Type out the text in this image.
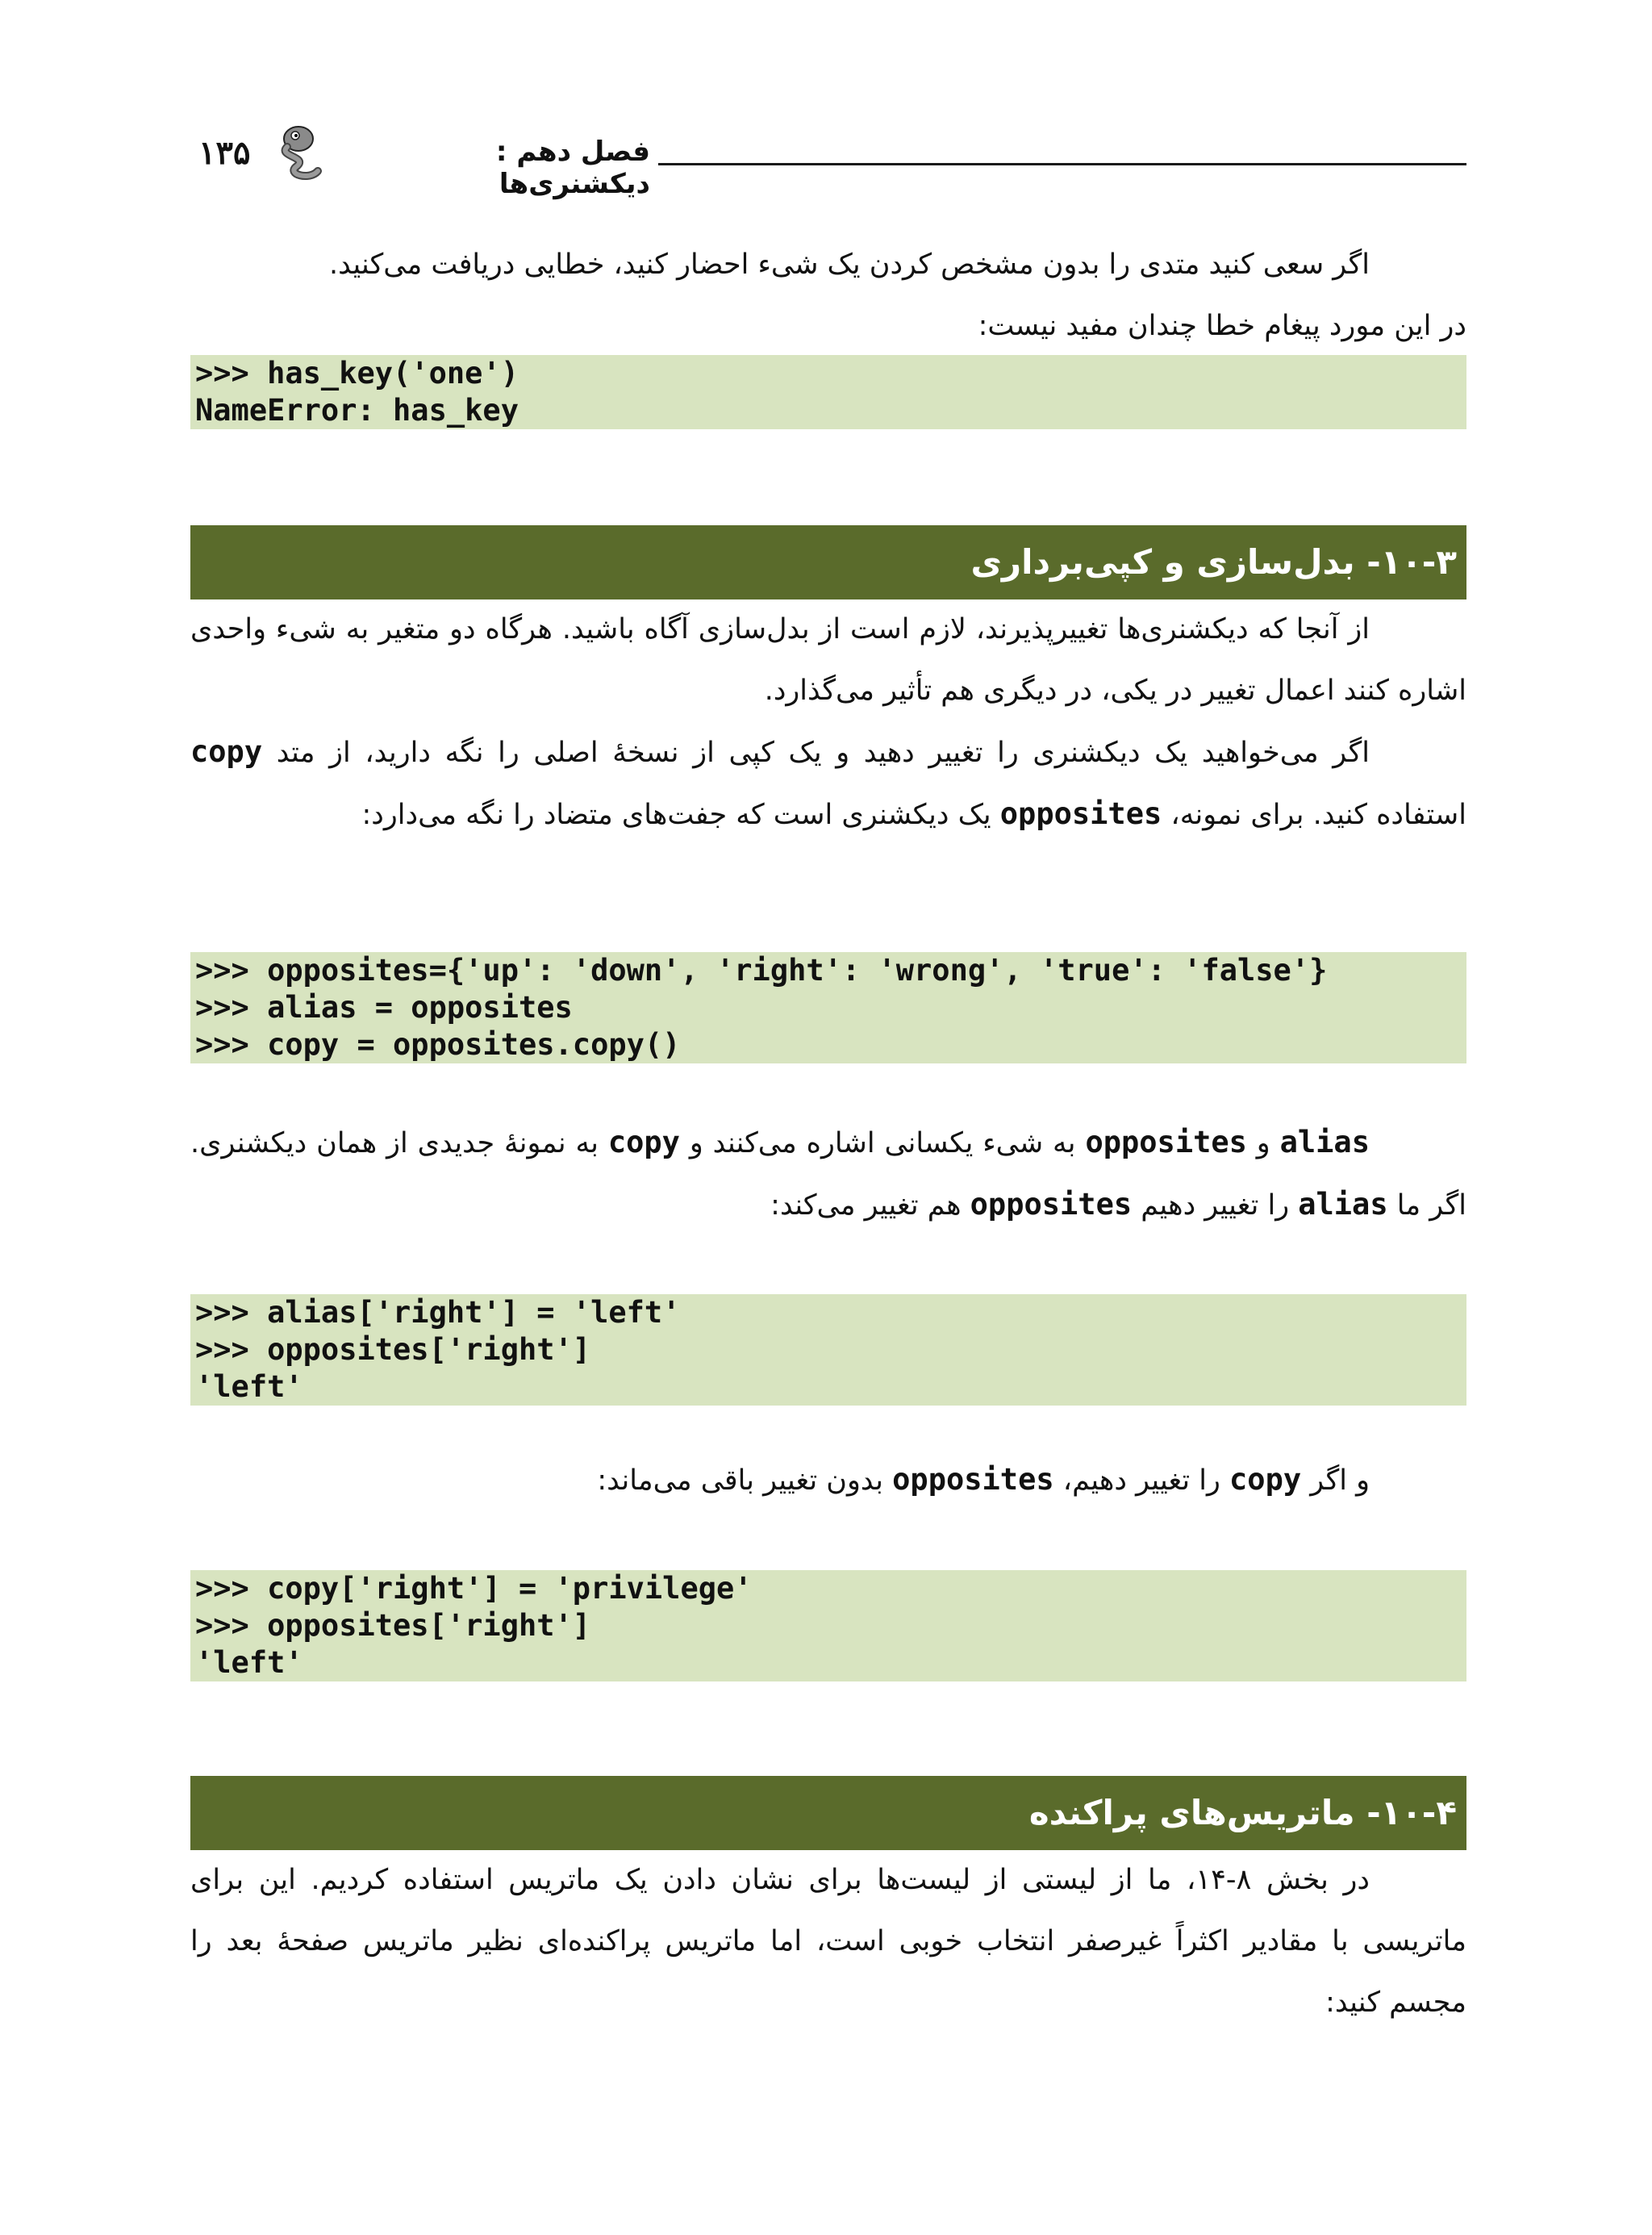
۱۳۵	فصل دهم : دیکشنری‌ها

اگر سعی کنید متدی را بدون مشخص کردن یک شیء احضار کنید، خطایی دریافت می‌کنید.

در این مورد پیغام خطا چندان مفید نیست:

>>> has_key('one')
NameError: has_key
۱۰-۳- بدل‌سازی و کپی‌برداری

از آنجا که دیکشنری‌ها تغییرپذیرند، لازم است از بدل‌سازی آگاه باشید. هرگاه دو متغیر به شیء واحدی اشاره کنند اعمال تغییر در یکی، در دیگری هم تأثیر می‌گذارد.

اگر می‌خواهید یک دیکشنری را تغییر دهید و یک کپی از نسخهٔ اصلی را نگه دارید، از متد copy استفاده کنید. برای نمونه، opposites یک دیکشنری است که جفت‌های متضاد را نگه می‌دارد:

>>> opposites={'up': 'down', 'right': 'wrong', 'true': 'false'}
>>> alias = opposites
>>> copy = opposites.copy()

alias و opposites به شیء یکسانی اشاره می‌کنند و copy به نمونهٔ جدیدی از همان دیکشنری. اگر ما alias را تغییر دهیم opposites هم تغییر می‌کند:

>>> alias['right'] = 'left'
>>> opposites['right']
'left'

و اگر copy را تغییر دهیم، opposites بدون تغییر باقی می‌ماند:

>>> copy['right'] = 'privilege'
>>> opposites['right']
'left'
۱۰-۴- ماتریس‌های پراکنده

در بخش ۸-۱۴، ما از لیستی از لیست‌ها برای نشان دادن یک ماتریس استفاده کردیم. این برای ماتریسی با مقادیر اکثراً غیرصفر انتخاب خوبی است، اما ماتریس پراکنده‌ای نظیر ماتریس صفحهٔ بعد را مجسم کنید:
